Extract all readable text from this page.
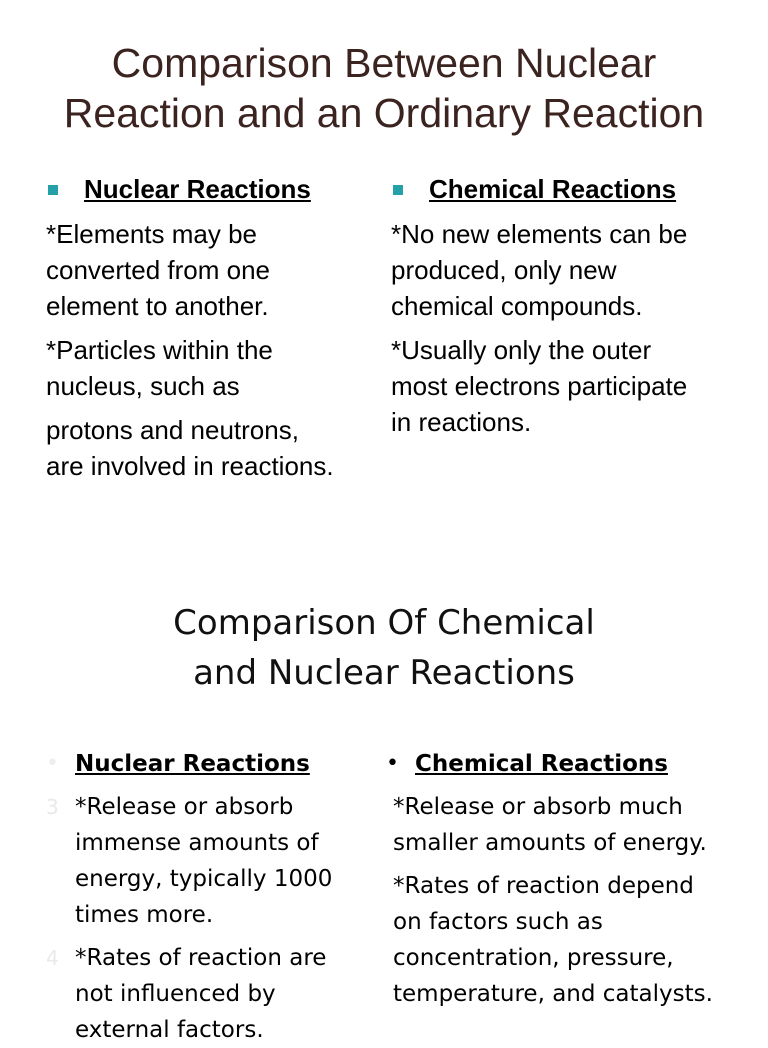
Comparison Between Nuclear
Reaction and an Ordinary Reaction
Nuclear Reactions
*Elements may be
converted from one
element to another.
*Particles within the
nucleus, such as
protons and neutrons,
are involved in reactions.
Chemical Reactions
*No new elements can be
produced, only new
chemical compounds.
*Usually only the outer
most electrons participate
in reactions.
Comparison Of Chemical
and Nuclear Reactions
• Nuclear Reactions
3 *Release or absorb
immense amounts of
energy, typically 1000
times more.
4 *Rates of reaction are
not influenced by
external factors.
• Chemical Reactions
*Release or absorb much
smaller amounts of energy.
*Rates of reaction depend
on factors such as
concentration, pressure,
temperature, and catalysts.
